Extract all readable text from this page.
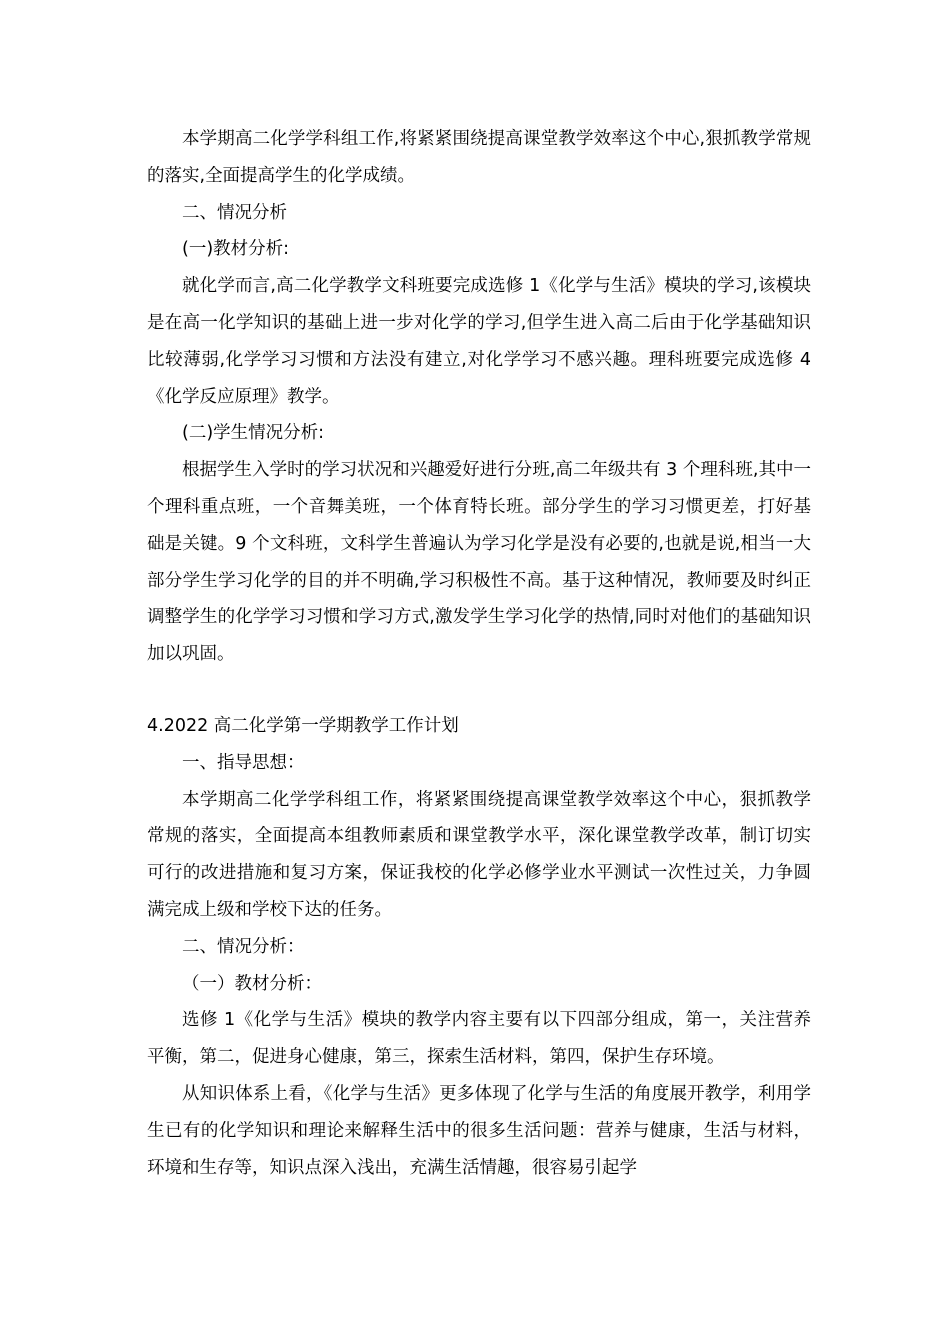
本学期高二化学学科组工作,将紧紧围绕提高课堂教学效率这个中心,狠抓教学常规的落实,全面提高学生的化学成绩。

二、情况分析

(一)教材分析:

就化学而言,高二化学教学文科班要完成选修 1《化学与生活》模块的学习,该模块是在高一化学知识的基础上进一步对化学的学习,但学生进入高二后由于化学基础知识比较薄弱,化学学习习惯和方法没有建立,对化学学习不感兴趣。理科班要完成选修 4《化学反应原理》教学。

(二)学生情况分析:

根据学生入学时的学习状况和兴趣爱好进行分班,高二年级共有 3 个理科班,其中一个理科重点班，一个音舞美班，一个体育特长班。部分学生的学习习惯更差，打好基础是关键。9 个文科班，文科学生普遍认为学习化学是没有必要的,也就是说,相当一大部分学生学习化学的目的并不明确,学习积极性不高。基于这种情况，教师要及时纠正调整学生的化学学习习惯和学习方式,激发学生学习化学的热情,同时对他们的基础知识加以巩固。

4.2022 高二化学第一学期教学工作计划

一、指导思想：

本学期高二化学学科组工作，将紧紧围绕提高课堂教学效率这个中心，狠抓教学常规的落实，全面提高本组教师素质和课堂教学水平，深化课堂教学改革，制订切实可行的改进措施和复习方案，保证我校的化学必修学业水平测试一次性过关，力争圆满完成上级和学校下达的任务。

二、情况分析：

（一）教材分析：

选修 1《化学与生活》模块的教学内容主要有以下四部分组成，第一，关注营养平衡，第二，促进身心健康，第三，探索生活材料，第四，保护生存环境。

从知识体系上看，《化学与生活》更多体现了化学与生活的角度展开教学，利用学生已有的化学知识和理论来解释生活中的很多生活问题：营养与健康，生活与材料，环境和生存等，知识点深入浅出，充满生活情趣，很容易引起学
